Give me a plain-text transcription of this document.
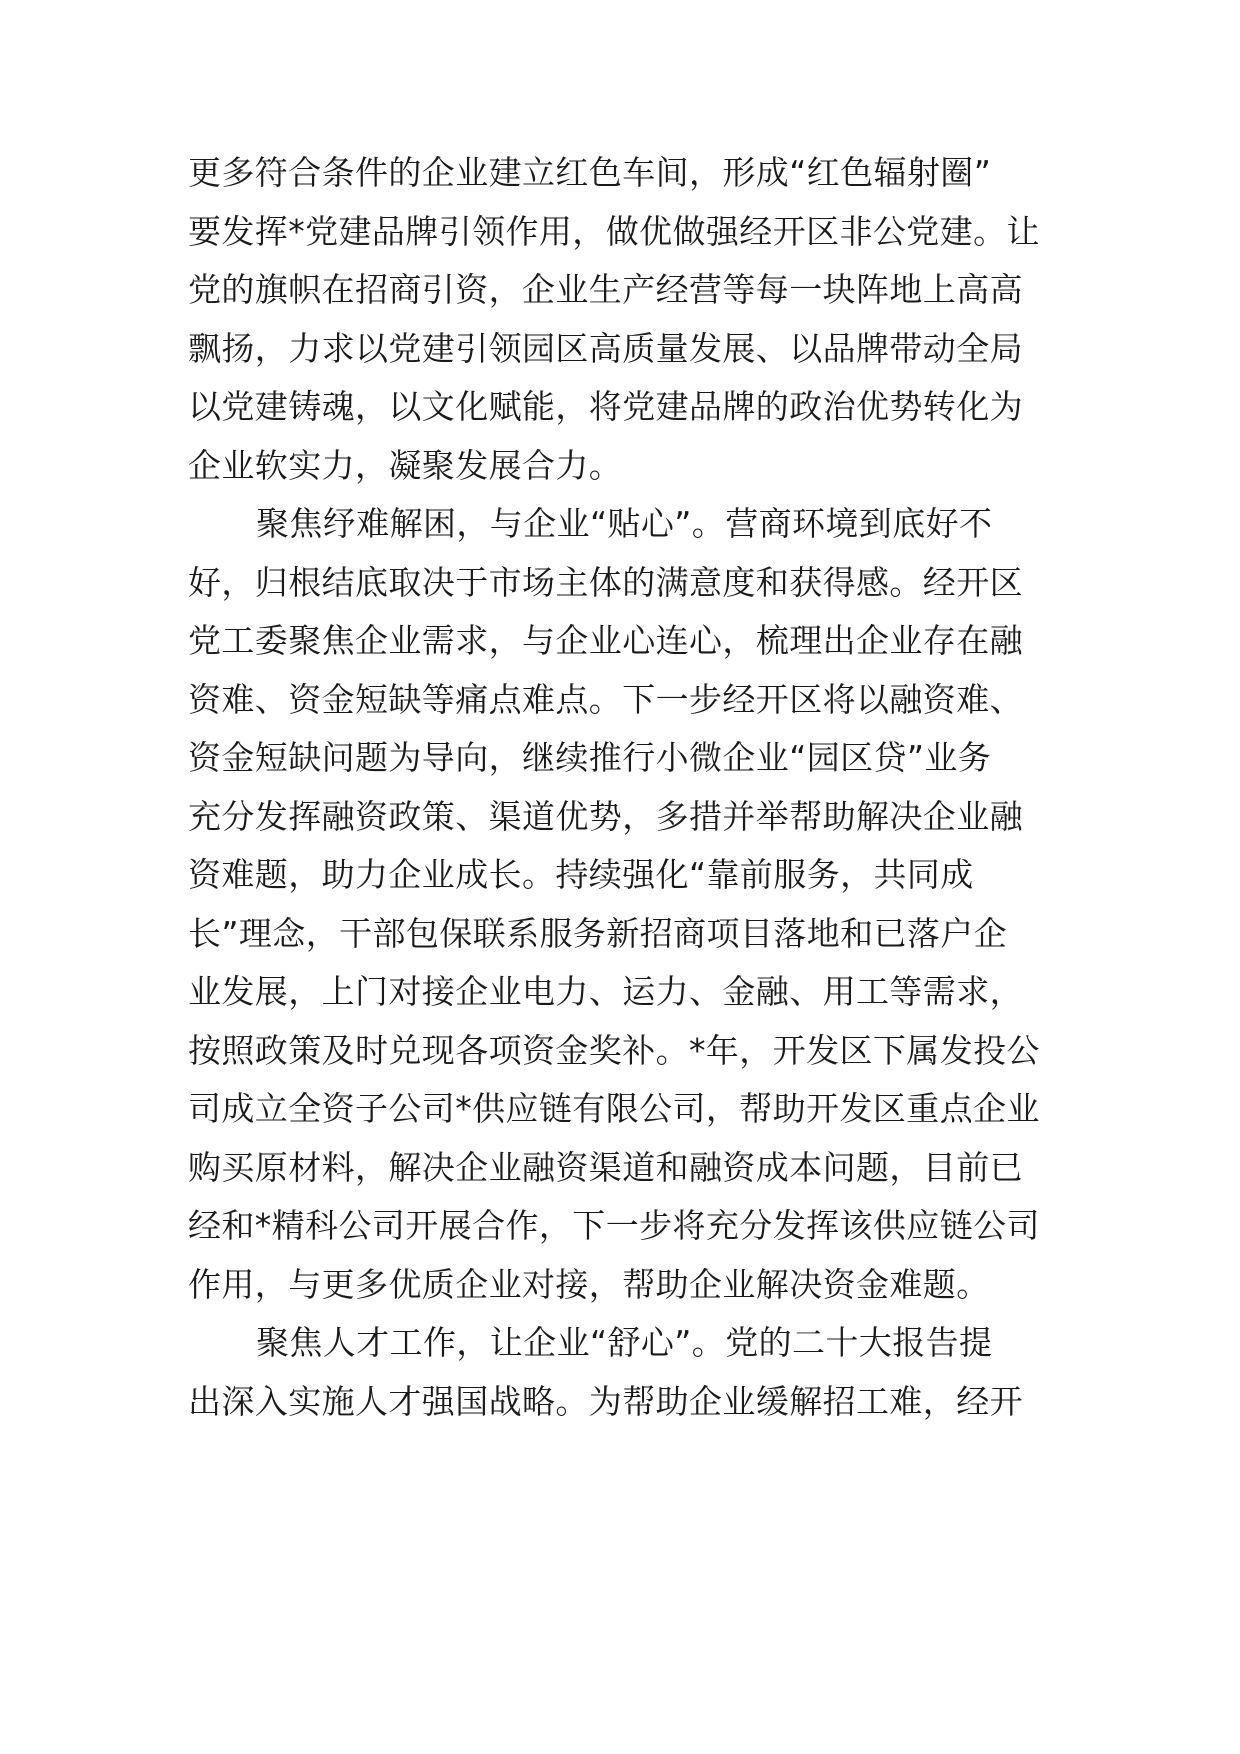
更多符合条件的企业建立红色车间，形成“红色辐射圈”
要发挥*党建品牌引领作用，做优做强经开区非公党建。让
党的旗帜在招商引资，企业生产经营等每一块阵地上高高
飘扬，力求以党建引领园区高质量发展、以品牌带动全局
以党建铸魂，以文化赋能，将党建品牌的政治优势转化为
企业软实力，凝聚发展合力。
聚焦纾难解困，与企业“贴心”。营商环境到底好不
好，归根结底取决于市场主体的满意度和获得感。经开区
党工委聚焦企业需求，与企业心连心，梳理出企业存在融
资难、资金短缺等痛点难点。下一步经开区将以融资难、
资金短缺问题为导向，继续推行小微企业“园区贷”业务
充分发挥融资政策、渠道优势，多措并举帮助解决企业融
资难题，助力企业成长。持续强化“靠前服务，共同成
长”理念，干部包保联系服务新招商项目落地和已落户企
业发展，上门对接企业电力、运力、金融、用工等需求，
按照政策及时兑现各项资金奖补。*年，开发区下属发投公
司成立全资子公司*供应链有限公司，帮助开发区重点企业
购买原材料，解决企业融资渠道和融资成本问题，目前已
经和*精科公司开展合作，下一步将充分发挥该供应链公司
作用，与更多优质企业对接，帮助企业解决资金难题。
聚焦人才工作，让企业“舒心”。党的二十大报告提
出深入实施人才强国战略。为帮助企业缓解招工难，经开
